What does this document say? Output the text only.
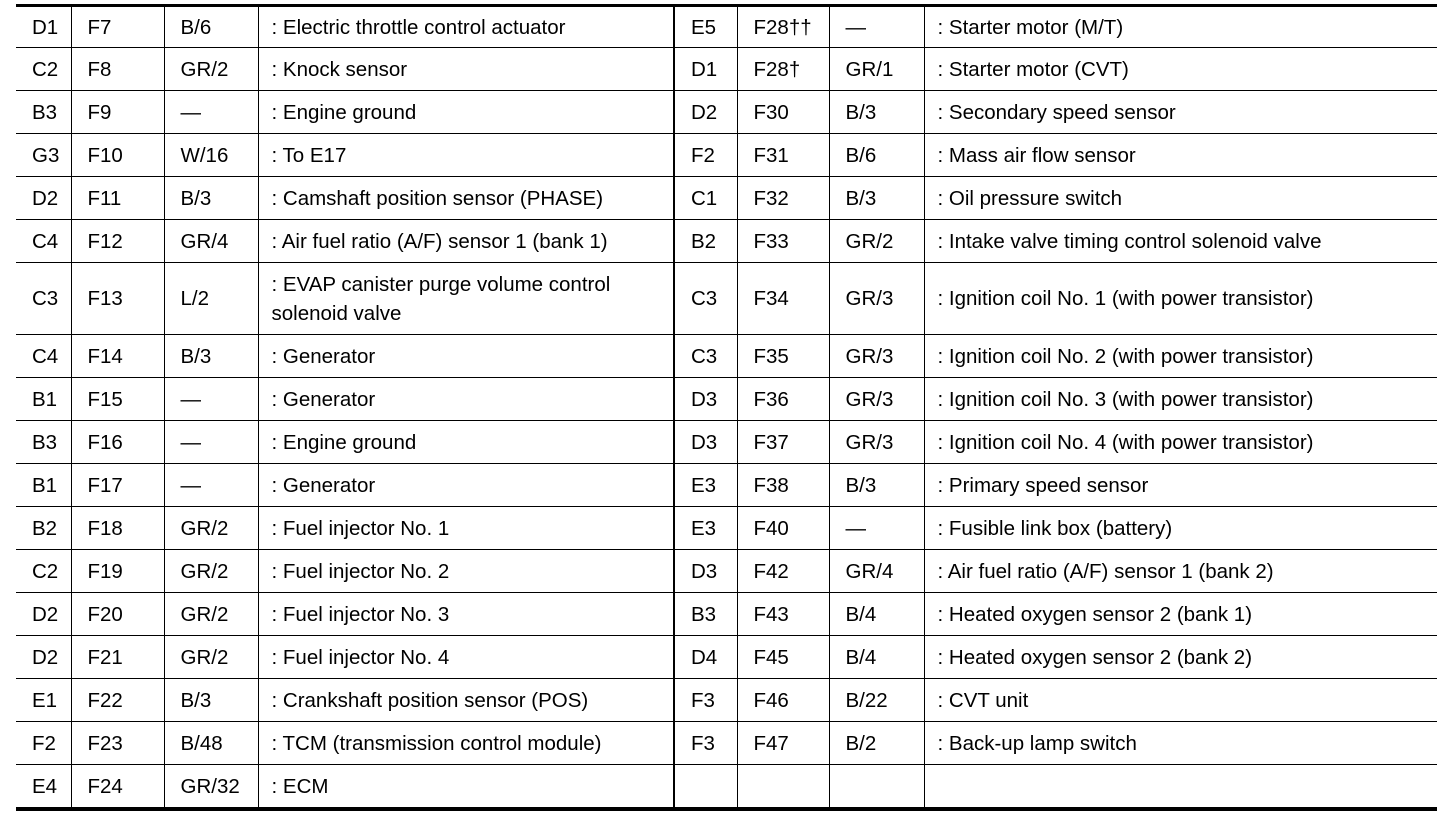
D1	F7	B/6	: Electric throttle control actuator	E5	F28††	—	: Starter motor (M/T)
C2	F8	GR/2	: Knock sensor	D1	F28†	GR/1	: Starter motor (CVT)
B3	F9	—	: Engine ground	D2	F30	B/3	: Secondary speed sensor
G3	F10	W/16	: To E17	F2	F31	B/6	: Mass air flow sensor
D2	F11	B/3	: Camshaft position sensor (PHASE)	C1	F32	B/3	: Oil pressure switch
C4	F12	GR/4	: Air fuel ratio (A/F) sensor 1 (bank 1)	B2	F33	GR/2	: Intake valve timing control solenoid valve
C3	F13	L/2	: EVAP canister purge volume control solenoid valve	C3	F34	GR/3	: Ignition coil No. 1 (with power transistor)
C4	F14	B/3	: Generator	C3	F35	GR/3	: Ignition coil No. 2 (with power transistor)
B1	F15	—	: Generator	D3	F36	GR/3	: Ignition coil No. 3 (with power transistor)
B3	F16	—	: Engine ground	D3	F37	GR/3	: Ignition coil No. 4 (with power transistor)
B1	F17	—	: Generator	E3	F38	B/3	: Primary speed sensor
B2	F18	GR/2	: Fuel injector No. 1	E3	F40	—	: Fusible link box (battery)
C2	F19	GR/2	: Fuel injector No. 2	D3	F42	GR/4	: Air fuel ratio (A/F) sensor 1 (bank 2)
D2	F20	GR/2	: Fuel injector No. 3	B3	F43	B/4	: Heated oxygen sensor 2 (bank 1)
D2	F21	GR/2	: Fuel injector No. 4	D4	F45	B/4	: Heated oxygen sensor 2 (bank 2)
E1	F22	B/3	: Crankshaft position sensor (POS)	F3	F46	B/22	: CVT unit
F2	F23	B/48	: TCM (transmission control module)	F3	F47	B/2	: Back-up lamp switch
E4	F24	GR/32	: ECM				
